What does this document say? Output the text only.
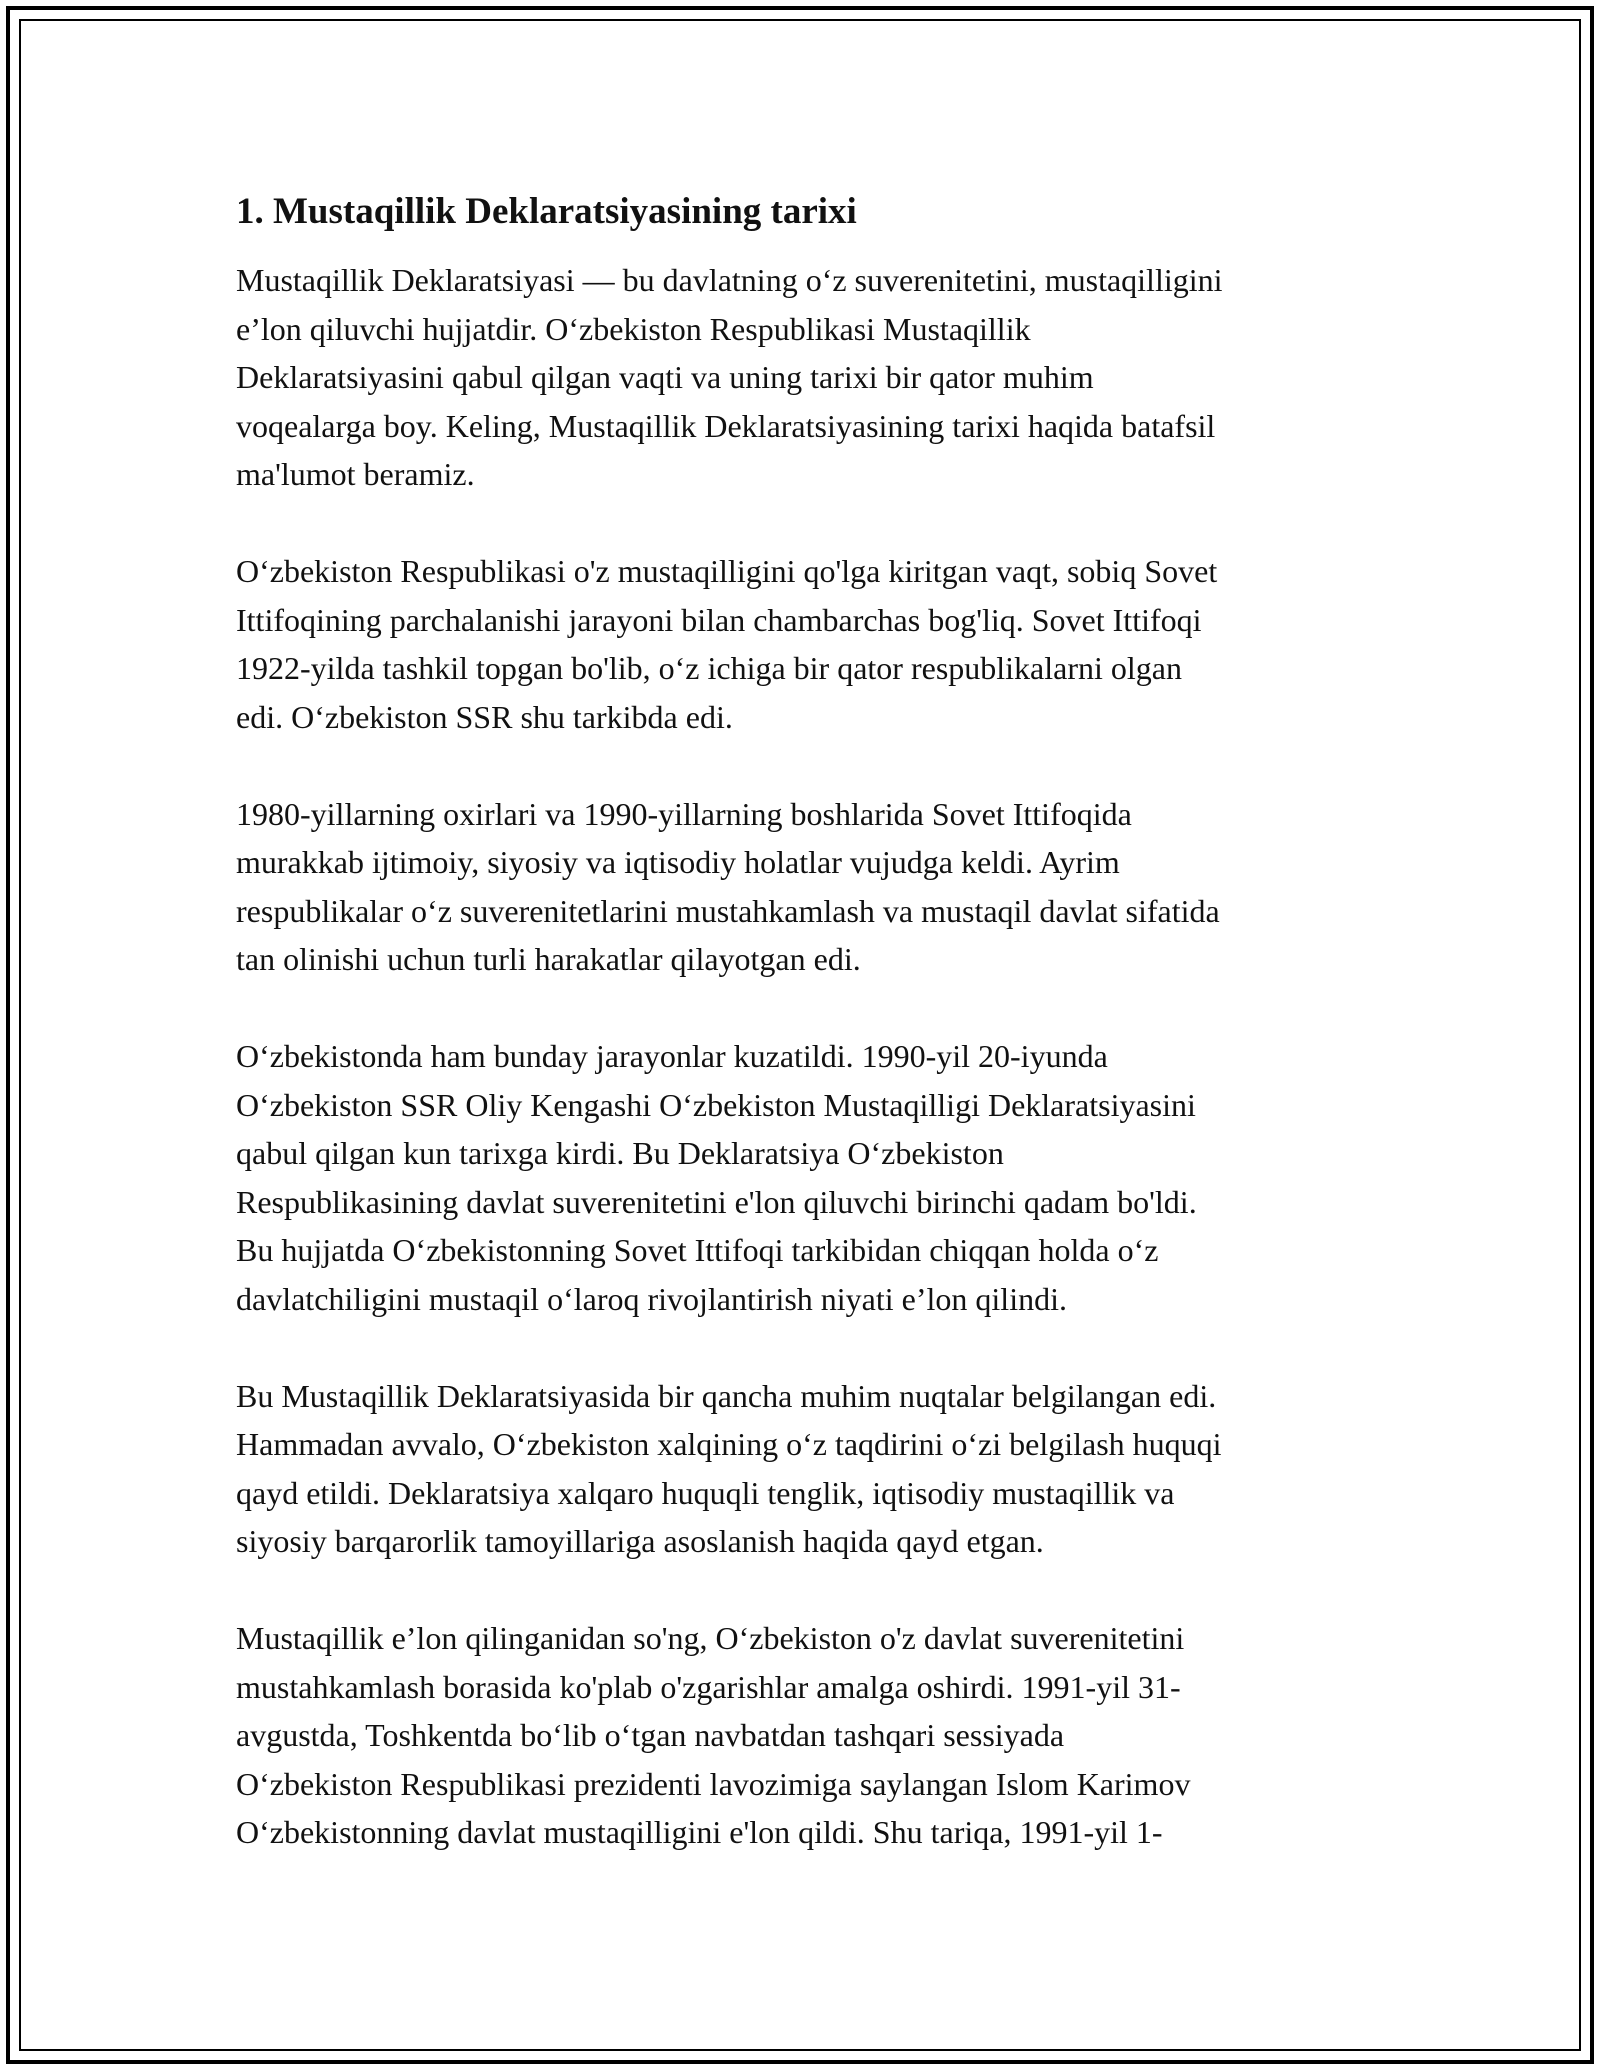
1. Mustaqillik Deklaratsiyasining tarixi

Mustaqillik Deklaratsiyasi — bu davlatning oʻz suverenitetini, mustaqilligini
e’lon qiluvchi hujjatdir. Oʻzbekiston Respublikasi Mustaqillik
Deklaratsiyasini qabul qilgan vaqti va uning tarixi bir qator muhim
voqealarga boy. Keling, Mustaqillik Deklaratsiyasining tarixi haqida batafsil
ma'lumot beramiz.

Oʻzbekiston Respublikasi o'z mustaqilligini qo'lga kiritgan vaqt, sobiq Sovet
Ittifoqining parchalanishi jarayoni bilan chambarchas bog'liq. Sovet Ittifoqi
1922-yilda tashkil topgan bo'lib, oʻz ichiga bir qator respublikalarni olgan
edi. Oʻzbekiston SSR shu tarkibda edi.

1980-yillarning oxirlari va 1990-yillarning boshlarida Sovet Ittifoqida
murakkab ijtimoiy, siyosiy va iqtisodiy holatlar vujudga keldi. Ayrim
respublikalar oʻz suverenitetlarini mustahkamlash va mustaqil davlat sifatida
tan olinishi uchun turli harakatlar qilayotgan edi.

Oʻzbekistonda ham bunday jarayonlar kuzatildi. 1990-yil 20-iyunda
Oʻzbekiston SSR Oliy Kengashi Oʻzbekiston Mustaqilligi Deklaratsiyasini
qabul qilgan kun tarixga kirdi. Bu Deklaratsiya Oʻzbekiston
Respublikasining davlat suverenitetini e'lon qiluvchi birinchi qadam bo'ldi.
Bu hujjatda Oʻzbekistonning Sovet Ittifoqi tarkibidan chiqqan holda oʻz
davlatchiligini mustaqil oʻlaroq rivojlantirish niyati e’lon qilindi.

Bu Mustaqillik Deklaratsiyasida bir qancha muhim nuqtalar belgilangan edi.
Hammadan avvalo, Oʻzbekiston xalqining oʻz taqdirini oʻzi belgilash huquqi
qayd etildi. Deklaratsiya xalqaro huquqli tenglik, iqtisodiy mustaqillik va
siyosiy barqarorlik tamoyillariga asoslanish haqida qayd etgan.

Mustaqillik e’lon qilinganidan so'ng, Oʻzbekiston o'z davlat suverenitetini
mustahkamlash borasida ko'plab o'zgarishlar amalga oshirdi. 1991-yil 31-
avgustda, Toshkentda boʻlib oʻtgan navbatdan tashqari sessiyada
Oʻzbekiston Respublikasi prezidenti lavozimiga saylangan Islom Karimov
Oʻzbekistonning davlat mustaqilligini e'lon qildi. Shu tariqa, 1991-yil 1-
